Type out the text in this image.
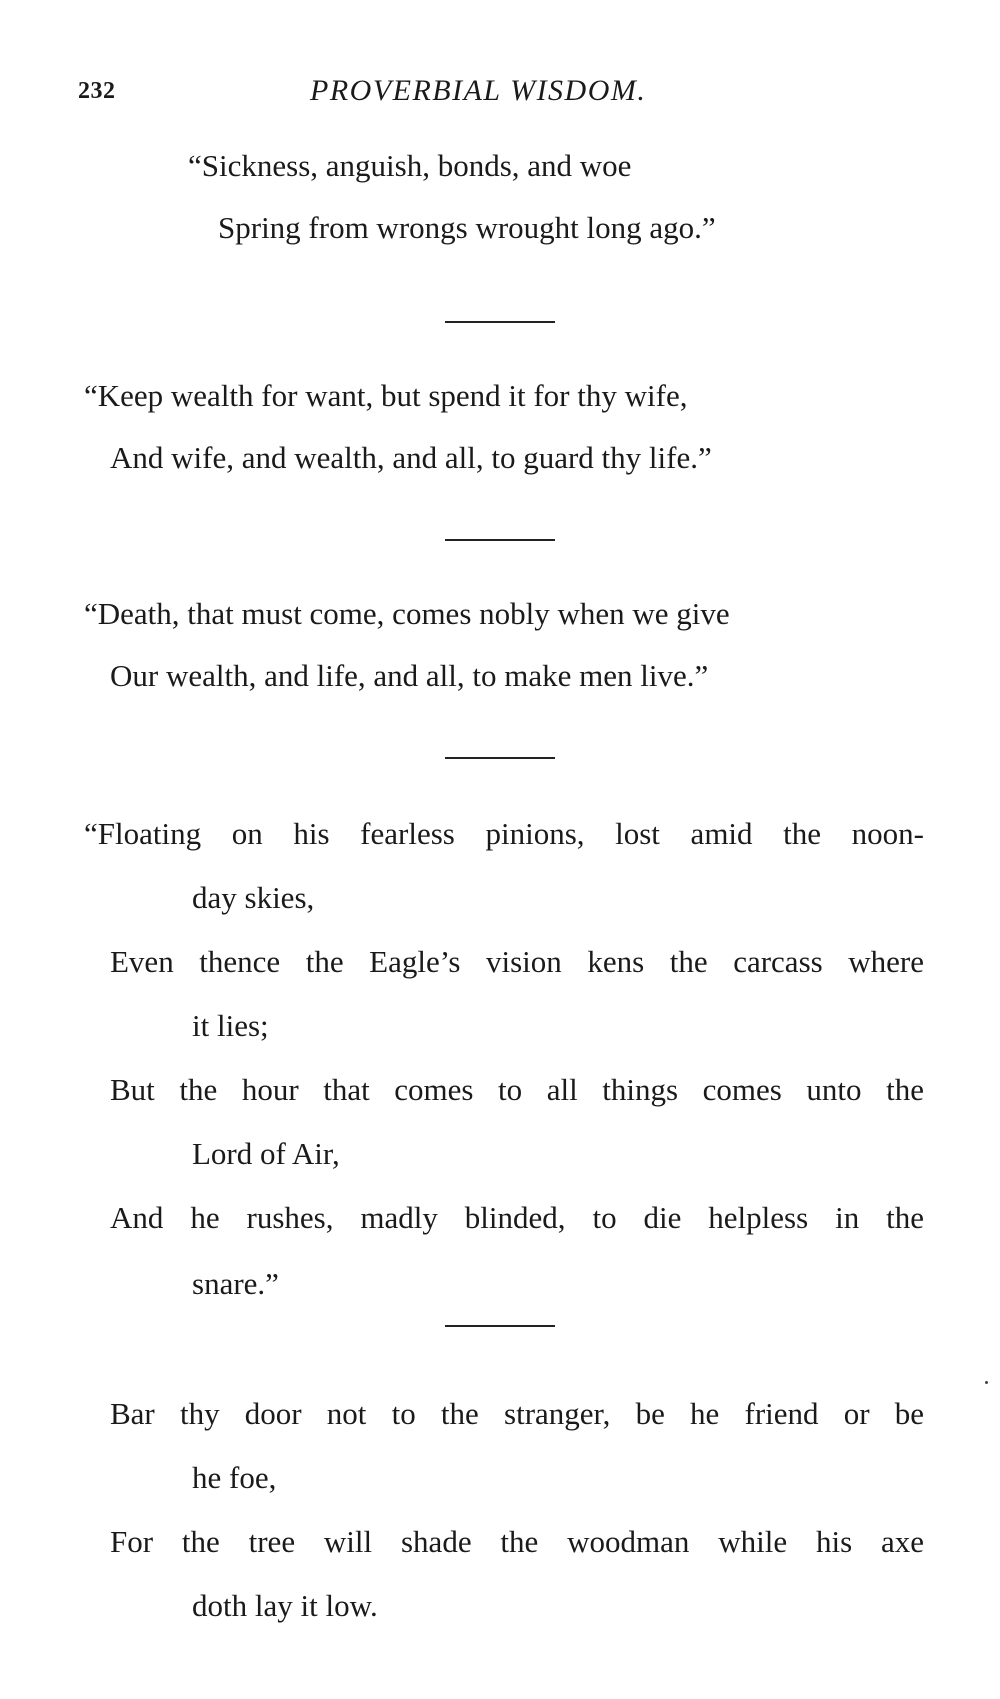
232	PROVERBIAL WISDOM.
“Sickness, anguish, bonds, and woe
Spring from wrongs wrought long ago.”
“Keep wealth for want, but spend it for thy wife,
And wife, and wealth, and all, to guard thy life.”
“Death, that must come, comes nobly when we give
Our wealth, and life, and all, to make men live.”
“Floating on his fearless pinions, lost amid the noon-
day skies,
Even thence the Eagle’s vision kens the carcass where
it lies;
But the hour that comes to all things comes unto the
Lord of Air,
And he rushes, madly blinded, to die helpless in the
snare.”
Bar thy door not to the stranger, be he friend or be
he foe,
For the tree will shade the woodman while his axe
doth lay it low.
